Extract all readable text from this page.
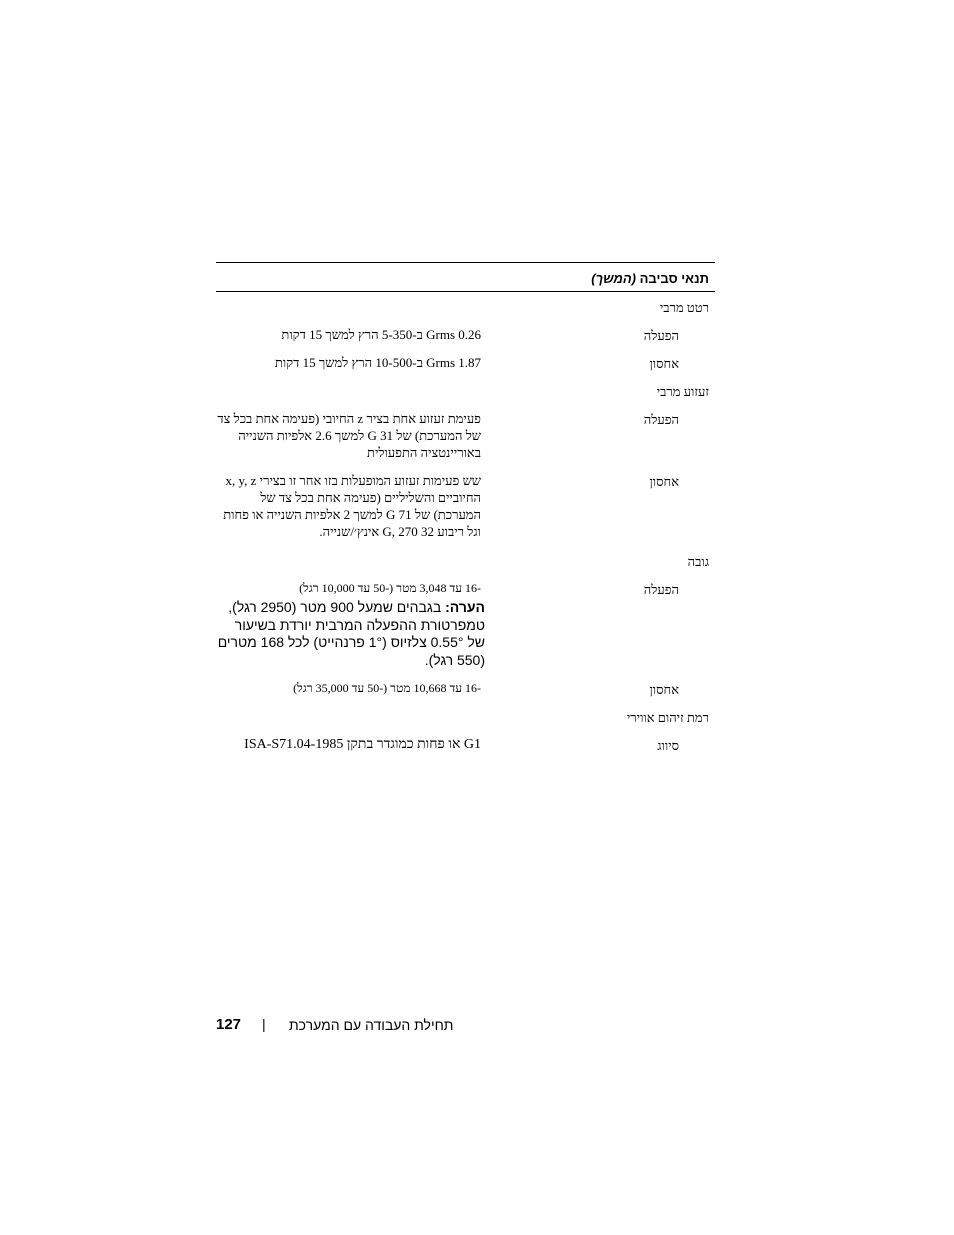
תנאי סביבה (המשך)
רטט מרבי
הפעלה
0.26 Grms ב-5-350 הרץ למשך 15 דקות
אחסון
1.87 Grms ב-10-500 הרץ למשך 15 דקות
זעזוע מרבי
הפעלה
פעימת זעזוע אחת בציר z החיובי (פעימה אחת בכל צד של המערכת) של 31 G למשך 2.6 אלפיות השנייה באוריינטציה התפעולית
אחסון
שש פעימות זעזוע המופעלות בזו אחר זו בצירי x, y, z החיוביים והשליליים (פעימה אחת בכל צד של המערכת) של 71 G למשך 2 אלפיות השנייה או פחות וגל ריבוע 32 G, 270 אינץ׳/שנייה.
גובה
הפעלה
-16 עד 3,048 מטר (-50 עד 10,000 רגל)
הערה: בגבהים שמעל 900 מטר (2950 רגל), טמפרטורת ההפעלה המרבית יורדת בשיעור של 0.55° צלזיוס (1° פרנהייט) לכל 168 מטרים (550 רגל).
אחסון
-16 עד 10,668 מטר (-50 עד 35,000 רגל)
רמת זיהום אווירי
סיווג
G1 או פחות כמוגדר בתקן ISA-S71.04-1985
127 | תחילת העבודה עם המערכת
